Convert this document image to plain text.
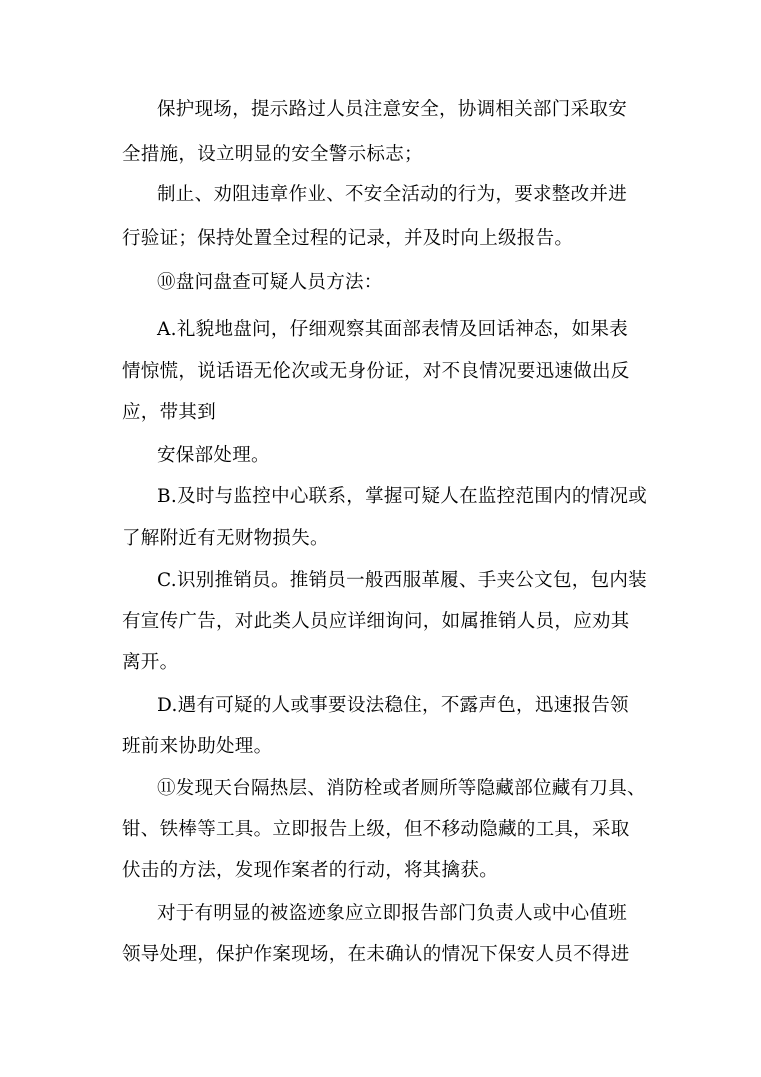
保护现场，提示路过人员注意安全，协调相关部门采取安
全措施，设立明显的安全警示标志；
制止、劝阻违章作业、不安全活动的行为，要求整改并进
行验证；保持处置全过程的记录，并及时向上级报告。
⑩盘问盘查可疑人员方法：
A.礼貌地盘问，仔细观察其面部表情及回话神态，如果表
情惊慌，说话语无伦次或无身份证，对不良情况要迅速做出反
应，带其到
安保部处理。
B.及时与监控中心联系，掌握可疑人在监控范围内的情况或
了解附近有无财物损失。
C.识别推销员。推销员一般西服革履、手夹公文包，包内装
有宣传广告，对此类人员应详细询问，如属推销人员，应劝其
离开。
D.遇有可疑的人或事要设法稳住，不露声色，迅速报告领
班前来协助处理。
⑪发现天台隔热层、消防栓或者厕所等隐藏部位藏有刀具、
钳、铁棒等工具。立即报告上级，但不移动隐藏的工具，采取
伏击的方法，发现作案者的行动，将其擒获。
对于有明显的被盗迹象应立即报告部门负责人或中心值班
领导处理，保护作案现场，在未确认的情况下保安人员不得进
